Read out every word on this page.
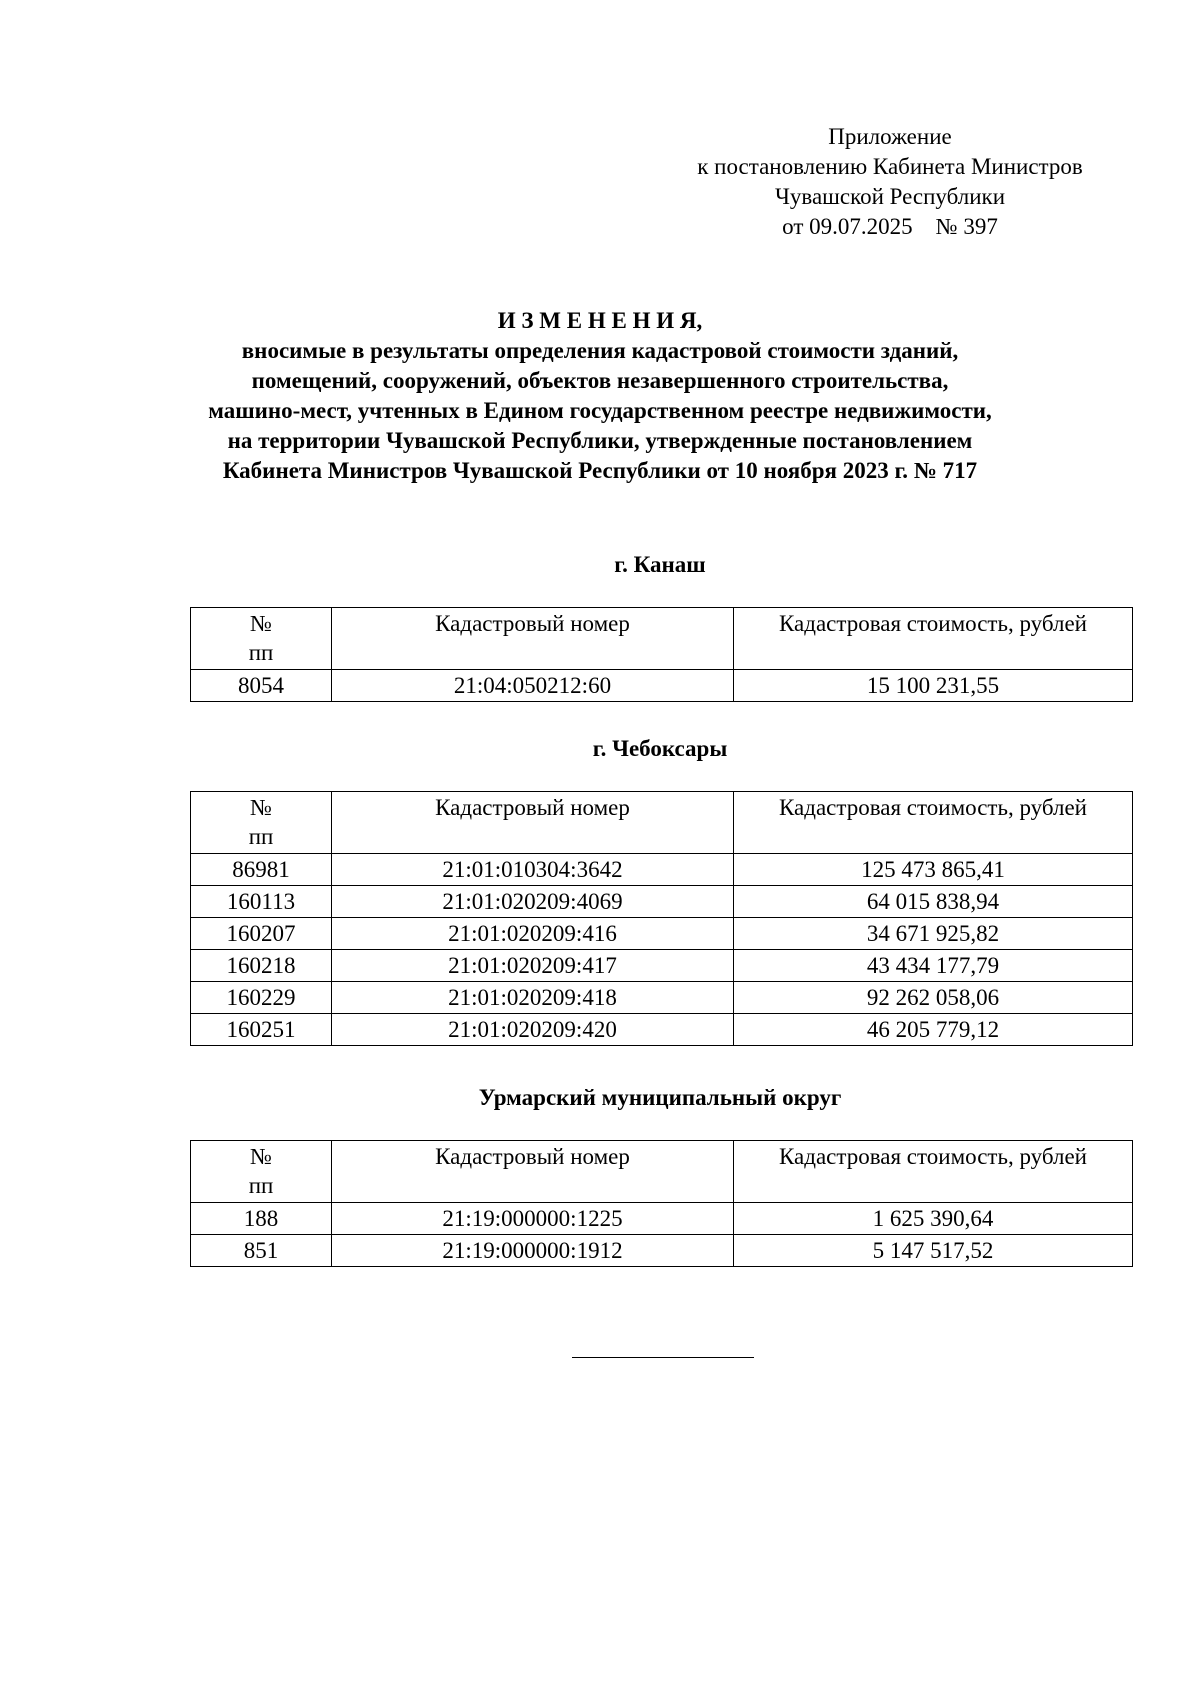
Приложение
к постановлению Кабинета Министров
Чувашской Республики
от 09.07.2025    № 397
И З М Е Н Е Н И Я,
вносимые в результаты определения кадастровой стоимости зданий,
помещений, сооружений, объектов незавершенного строительства,
машино-мест, учтенных в Едином государственном реестре недвижимости,
на территории Чувашской Республики, утвержденные постановлением
Кабинета Министров Чувашской Республики от 10 ноября 2023 г. № 717
г. Канаш
№
пп	Кадастровый номер	Кадастровая стоимость, рублей
8054	21:04:050212:60	15 100 231,55
г. Чебоксары
№
пп	Кадастровый номер	Кадастровая стоимость, рублей
86981	21:01:010304:3642	125 473 865,41
160113	21:01:020209:4069	64 015 838,94
160207	21:01:020209:416	34 671 925,82
160218	21:01:020209:417	43 434 177,79
160229	21:01:020209:418	92 262 058,06
160251	21:01:020209:420	46 205 779,12
Урмарский муниципальный округ
№
пп	Кадастровый номер	Кадастровая стоимость, рублей
188	21:19:000000:1225	1 625 390,64
851	21:19:000000:1912	5 147 517,52
